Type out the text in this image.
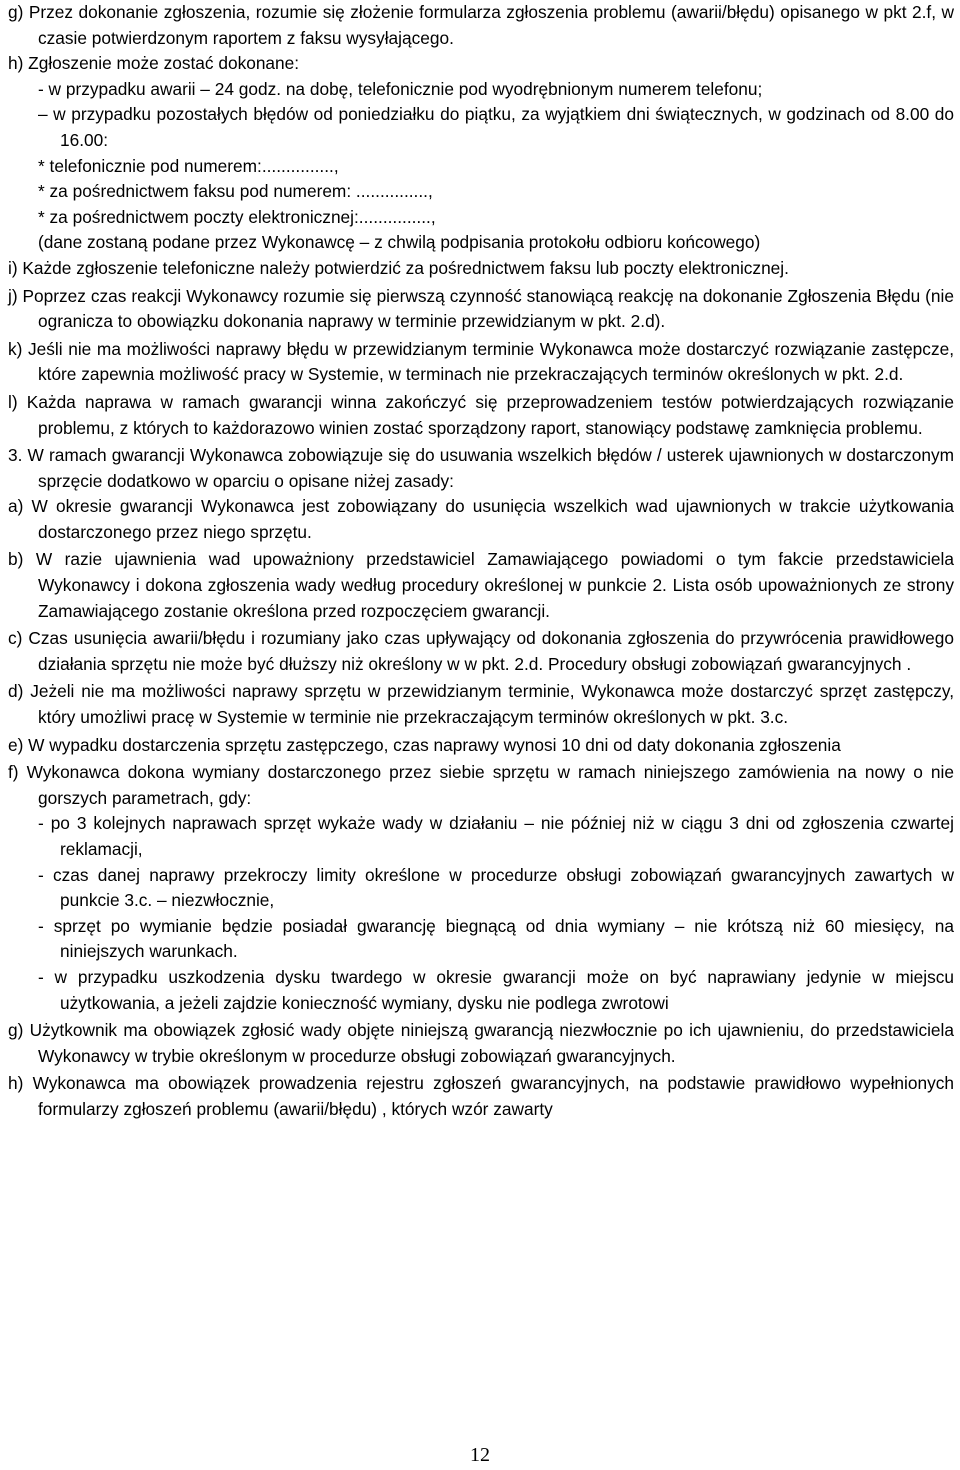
g) Przez dokonanie zgłoszenia, rozumie się złożenie formularza zgłoszenia problemu (awarii/błędu) opisanego w pkt 2.f, w czasie potwierdzonym raportem z faksu wysyłającego.

h) Zgłoszenie może zostać dokonane:

- w przypadku awarii – 24 godz. na dobę, telefonicznie pod wyodrębnionym numerem telefonu;

– w przypadku pozostałych błędów od poniedziałku do piątku, za wyjątkiem dni świątecznych, w godzinach od 8.00 do 16.00:

* telefonicznie pod numerem:...............,

* za pośrednictwem faksu pod numerem: ...............,

* za pośrednictwem poczty elektronicznej:...............,

(dane zostaną podane przez Wykonawcę – z chwilą podpisania protokołu odbioru końcowego)

i) Każde zgłoszenie telefoniczne należy potwierdzić za pośrednictwem faksu lub poczty elektronicznej.

j) Poprzez czas reakcji Wykonawcy rozumie się pierwszą czynność stanowiącą reakcję na dokonanie Zgłoszenia Błędu (nie ogranicza to obowiązku dokonania naprawy w terminie przewidzianym w pkt. 2.d).

k) Jeśli nie ma możliwości naprawy błędu w przewidzianym terminie Wykonawca może dostarczyć rozwiązanie zastępcze, które zapewnia możliwość pracy w Systemie, w terminach nie przekraczających terminów określonych w pkt. 2.d.

l) Każda naprawa w ramach gwarancji winna zakończyć się przeprowadzeniem testów potwierdzających rozwiązanie problemu, z których to każdorazowo winien zostać sporządzony raport, stanowiący podstawę zamknięcia problemu.

3. W ramach gwarancji Wykonawca zobowiązuje się do usuwania wszelkich błędów / usterek ujawnionych w dostarczonym sprzęcie dodatkowo w oparciu o opisane niżej zasady:

a) W okresie gwarancji Wykonawca jest zobowiązany do usunięcia wszelkich wad ujawnionych w trakcie użytkowania dostarczonego przez niego sprzętu.

b) W razie ujawnienia wad upoważniony przedstawiciel Zamawiającego powiadomi o tym fakcie przedstawiciela Wykonawcy i dokona zgłoszenia wady według procedury określonej w punkcie 2. Lista osób upoważnionych ze strony Zamawiającego zostanie określona przed rozpoczęciem gwarancji.

c) Czas usunięcia awarii/błędu i rozumiany jako czas upływający od dokonania zgłoszenia do przywrócenia prawidłowego działania sprzętu nie może być dłuższy niż określony w w pkt. 2.d. Procedury obsługi zobowiązań gwarancyjnych .

d) Jeżeli nie ma możliwości naprawy sprzętu w przewidzianym terminie, Wykonawca może dostarczyć sprzęt zastępczy, który umożliwi pracę w Systemie w terminie nie przekraczającym terminów określonych w pkt. 3.c.

e) W wypadku dostarczenia sprzętu zastępczego, czas naprawy wynosi 10 dni od daty dokonania zgłoszenia

f) Wykonawca dokona wymiany dostarczonego przez siebie sprzętu w ramach niniejszego zamówienia na nowy o nie gorszych parametrach, gdy:

- po 3 kolejnych naprawach sprzęt wykaże wady w działaniu – nie później niż w ciągu 3 dni od zgłoszenia czwartej reklamacji,

- czas danej naprawy przekroczy limity określone w procedurze obsługi zobowiązań gwarancyjnych zawartych w punkcie 3.c. – niezwłocznie,

- sprzęt po wymianie będzie posiadał gwarancję biegnącą od dnia wymiany – nie krótszą niż 60 miesięcy, na niniejszych warunkach.

- w przypadku uszkodzenia dysku twardego w okresie gwarancji może on być naprawiany jedynie w miejscu użytkowania, a jeżeli zajdzie konieczność wymiany, dysku nie podlega zwrotowi

g) Użytkownik ma obowiązek zgłosić wady objęte niniejszą gwarancją niezwłocznie po ich ujawnieniu, do przedstawiciela Wykonawcy w trybie określonym w procedurze obsługi zobowiązań gwarancyjnych.

h) Wykonawca ma obowiązek prowadzenia rejestru zgłoszeń gwarancyjnych, na podstawie prawidłowo wypełnionych formularzy zgłoszeń problemu (awarii/błędu) , których wzór zawarty

12
